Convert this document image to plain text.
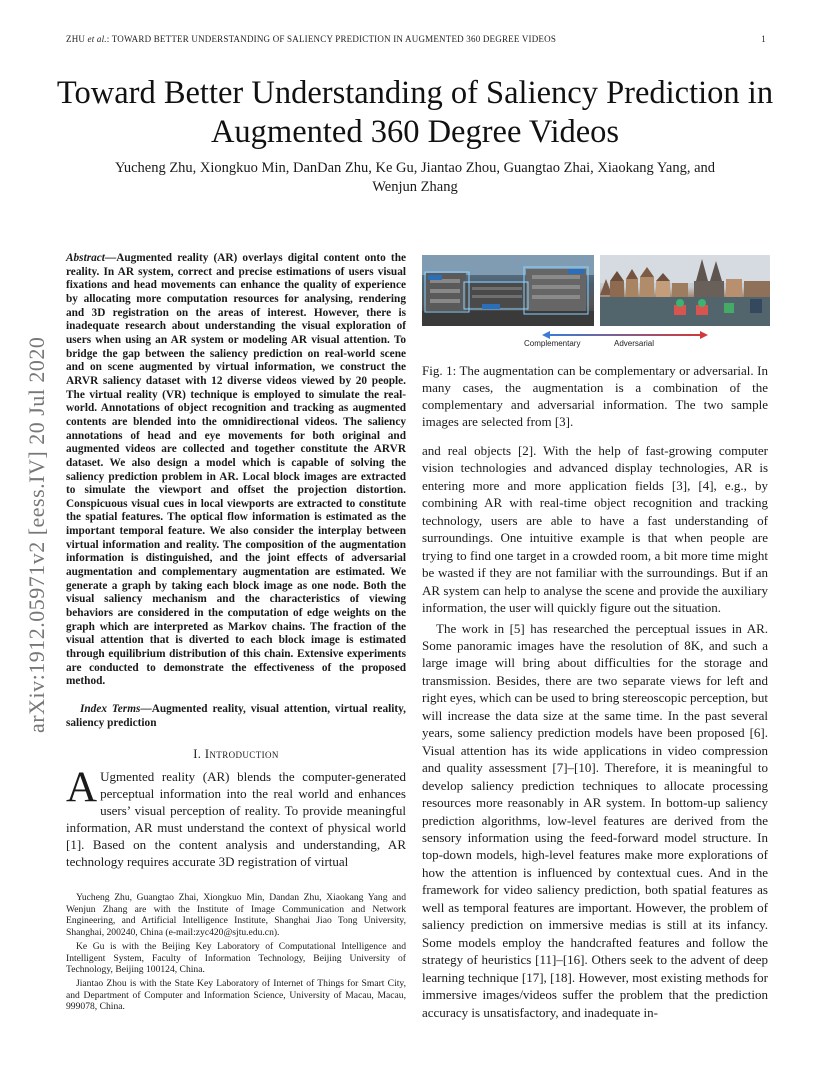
ZHU et al.: TOWARD BETTER UNDERSTANDING OF SALIENCY PREDICTION IN AUGMENTED 360 DEGREE VIDEOS	1
arXiv:1912.05971v2 [eess.IV] 20 Jul 2020
Toward Better Understanding of Saliency Prediction in Augmented 360 Degree Videos
Yucheng Zhu, Xiongkuo Min, DanDan Zhu, Ke Gu, Jiantao Zhou, Guangtao Zhai, Xiaokang Yang, and Wenjun Zhang
Abstract—Augmented reality (AR) overlays digital content onto the reality. In AR system, correct and precise estimations of users visual fixations and head movements can enhance the quality of experience by allocating more computation resources for analysing, rendering and 3D registration on the areas of interest. However, there is inadequate research about understanding the visual exploration of users when using an AR system or modeling AR visual attention. To bridge the gap between the saliency prediction on real-world scene and on scene augmented by virtual information, we construct the ARVR saliency dataset with 12 diverse videos viewed by 20 people. The virtual reality (VR) technique is employed to simulate the real-world. Annotations of object recognition and tracking as augmented contents are blended into the omnidirectional videos. The saliency annotations of head and eye movements for both original and augmented videos are collected and together constitute the ARVR dataset. We also design a model which is capable of solving the saliency prediction problem in AR. Local block images are extracted to simulate the viewport and offset the projection distortion. Conspicuous visual cues in local viewports are extracted to constitute the spatial features. The optical flow information is estimated as the important temporal feature. We also consider the interplay between virtual information and reality. The composition of the augmentation information is distinguished, and the joint effects of adversarial augmentation and complementary augmentation are estimated. We generate a graph by taking each block image as one node. Both the visual saliency mechanism and the characteristics of viewing behaviors are considered in the computation of edge weights on the graph which are interpreted as Markov chains. The fraction of the visual attention that is diverted to each block image is estimated through equilibrium distribution of this chain. Extensive experiments are conducted to demonstrate the effectiveness of the proposed method.
Index Terms—Augmented reality, visual attention, virtual reality, saliency prediction
I. Introduction
A Ugmented reality (AR) blends the computer-generated perceptual information into the real world and enhances users’ visual perception of reality. To provide meaningful information, AR must understand the context of physical world [1]. Based on the content analysis and understanding, AR technology requires accurate 3D registration of virtual

Yucheng Zhu, Guangtao Zhai, Xiongkuo Min, Dandan Zhu, Xiaokang Yang and Wenjun Zhang are with the Institute of Image Communication and Network Engineering, and Artificial Intelligence Institute, Shanghai Jiao Tong University, Shanghai, 200240, China (e-mail:zyc420@sjtu.edu.cn).

Ke Gu is with the Beijing Key Laboratory of Computational Intelligence and Intelligent System, Faculty of Information Technology, Beijing University of Technology, Beijing 100124, China.

Jiantao Zhou is with the State Key Laboratory of Internet of Things for Smart City, and Department of Computer and Information Science, University of Macau, Macau, 999078, China.

Complementary	Adversarial
Fig. 1: The augmentation can be complementary or adversarial. In many cases, the augmentation is a combination of the complementary and adversarial information. The two sample images are selected from [3].

and real objects [2]. With the help of fast-growing computer vision technologies and advanced display technologies, AR is entering more and more application fields [3], [4], e.g., by combining AR with real-time object recognition and tracking technology, users are able to have a fast understanding of surroundings. One intuitive example is that when people are trying to find one target in a crowded room, a bit more time might be wasted if they are not familiar with the surroundings. But if an AR system can help to analyse the scene and provide the auxiliary information, the user will quickly figure out the situation.

The work in [5] has researched the perceptual issues in AR. Some panoramic images have the resolution of 8K, and such a large image will bring about difficulties for the storage and transmission. Besides, there are two separate views for left and right eyes, which can be used to bring stereoscopic perception, but will increase the data size at the same time. In the past several years, some saliency prediction models have been proposed [6]. Visual attention has its wide applications in video compression and quality assessment [7]–[10]. Therefore, it is meaningful to develop saliency prediction techniques to allocate processing resources more reasonably in AR system. In bottom-up saliency prediction algorithms, low-level features are derived from the sensory information using the feed-forward model structure. In top-down models, high-level features make more explorations of how the attention is influenced by contextual cues. And in the framework for video saliency prediction, both spatial features as well as temporal features are important. However, the problem of saliency prediction on immersive medias is still at its infancy. Some models employ the handcrafted features and follow the strategy of heuristics [11]–[16]. Others seek to the advent of deep learning technique [17], [18]. However, most existing methods for immersive images/videos suffer the problem that the prediction accuracy is unsatisfactory, and inadequate in-
